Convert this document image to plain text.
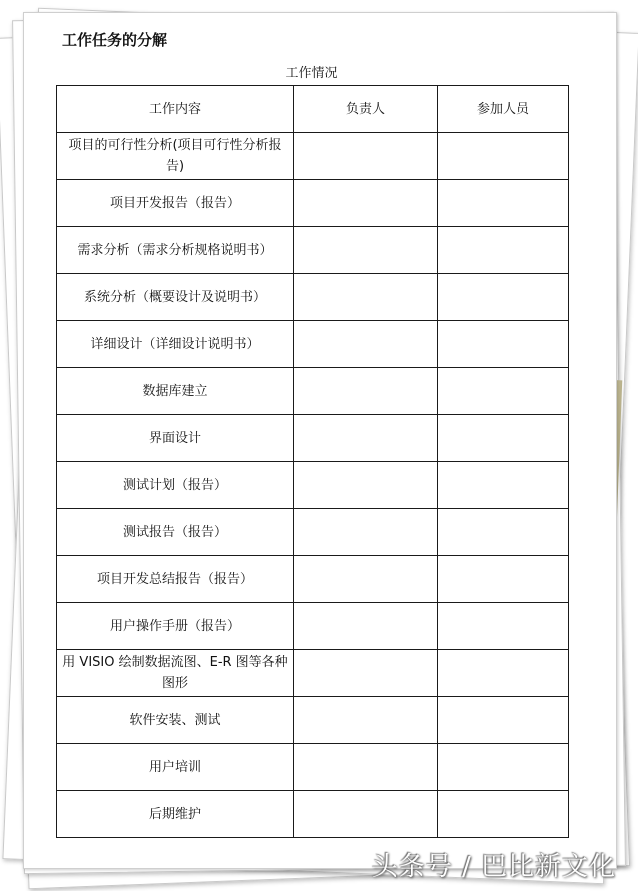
工作任务的分解
工作情况
工作内容	负责人	参加人员
项目的可行性分析(项目可行性分析报告)		
项目开发报告（报告）		
需求分析（需求分析规格说明书）		
系统分析（概要设计及说明书）		
详细设计（详细设计说明书）		
数据库建立		
界面设计		
测试计划（报告）		
测试报告（报告）		
项目开发总结报告（报告）		
用户操作手册（报告）		
用 VISIO 绘制数据流图、E-R 图等各种图形		
软件安装、测试		
用户培训		
后期维护		
头条号 / 巴比新文化
